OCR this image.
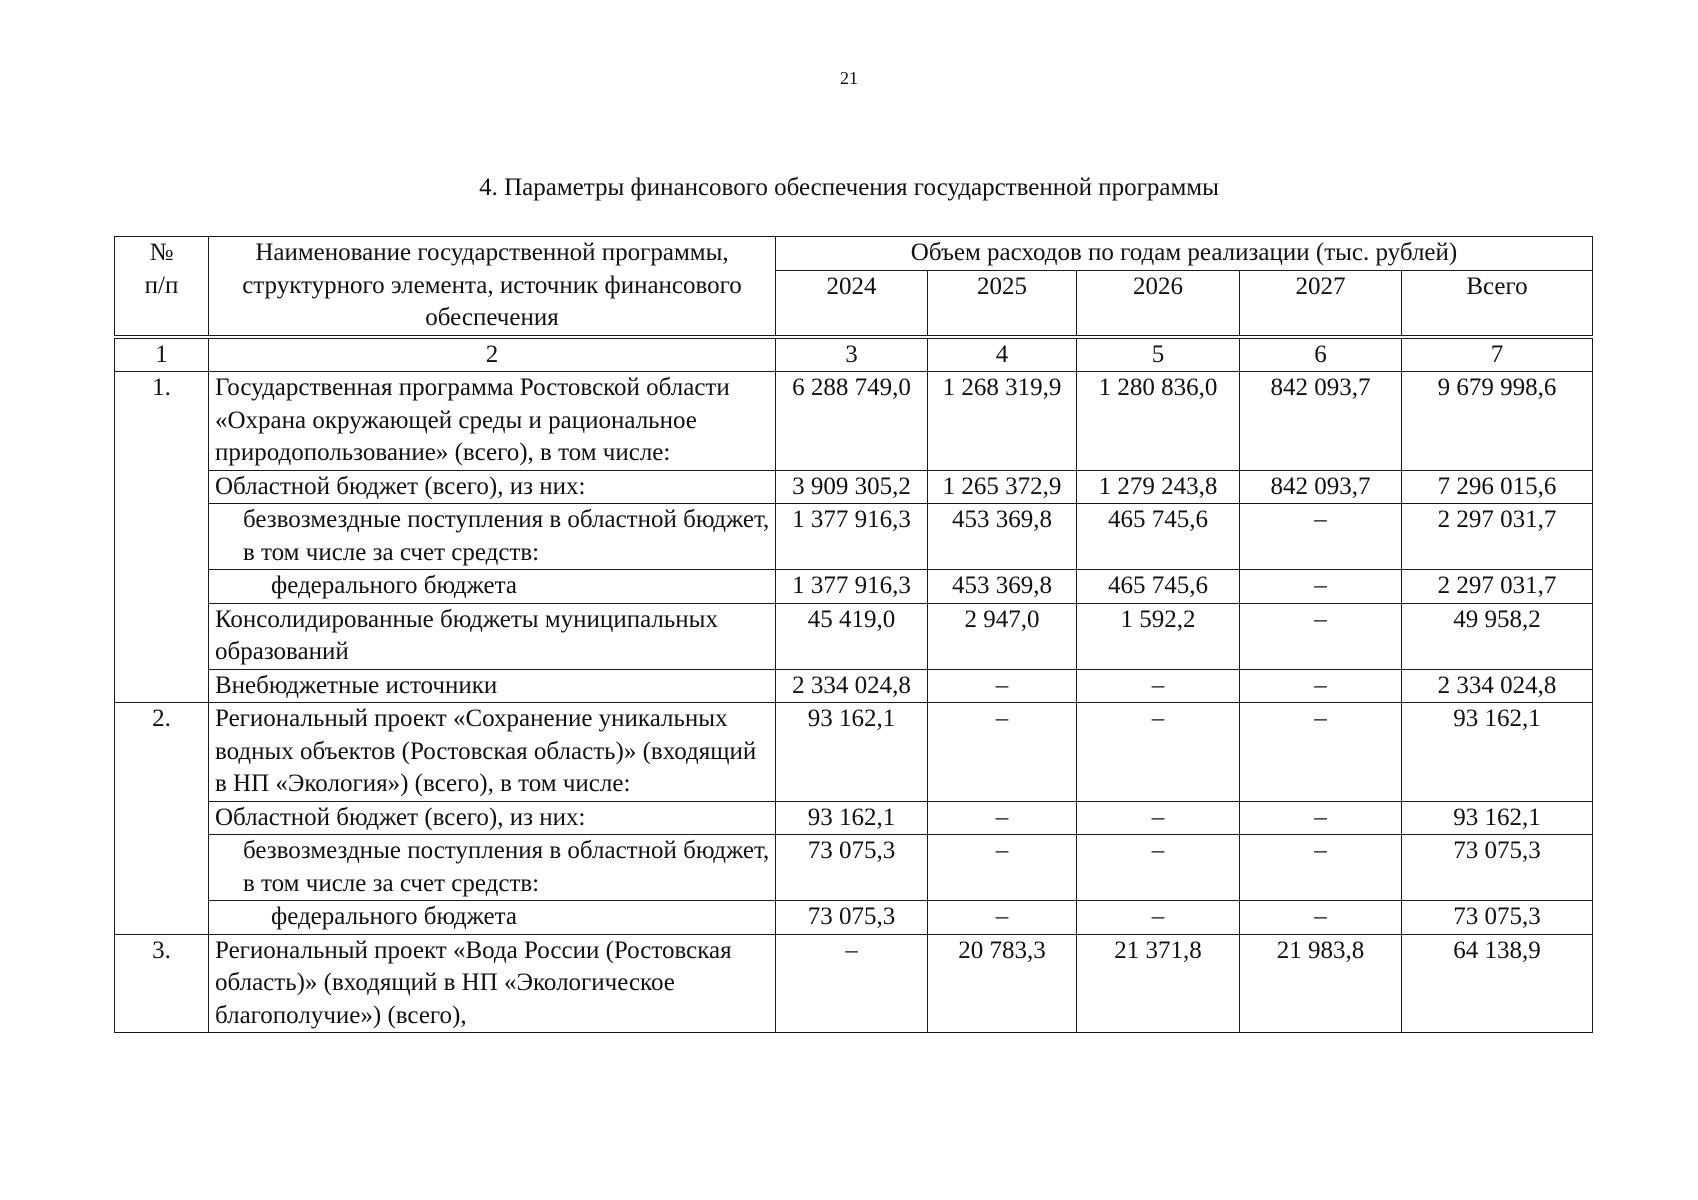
21
4. Параметры финансового обеспечения государственной программы
№ п/п	Наименование государственной программы, структурного элемента, источник финансового обеспечения	Объем расходов по годам реализации (тыс. рублей)				
		2024	2025	2026	2027	Всего
1	2	3	4	5	6	7
1.	Государственная программа Ростовской области «Охрана окружающей среды и рациональное природопользование» (всего), в том числе:	6 288 749,0	1 268 319,9	1 280 836,0	842 093,7	9 679 998,6
	Областной бюджет (всего), из них:	3 909 305,2	1 265 372,9	1 279 243,8	842 093,7	7 296 015,6
	безвозмездные поступления в областной бюджет, в том числе за счет средств:	1 377 916,3	453 369,8	465 745,6	–	2 297 031,7
	федерального бюджета	1 377 916,3	453 369,8	465 745,6	–	2 297 031,7
	Консолидированные бюджеты муниципальных образований	45 419,0	2 947,0	1 592,2	–	49 958,2
	Внебюджетные источники	2 334 024,8	–	–	–	2 334 024,8
2.	Региональный проект «Сохранение уникальных водных объектов (Ростовская область)» (входящий в НП «Экология») (всего), в том числе:	93 162,1	–	–	–	93 162,1
	Областной бюджет (всего), из них:	93 162,1	–	–	–	93 162,1
	безвозмездные поступления в областной бюджет, в том числе за счет средств:	73 075,3	–	–	–	73 075,3
	федерального бюджета	73 075,3	–	–	–	73 075,3
3.	Региональный проект «Вода России (Ростовская область)» (входящий в НП «Экологическое благополучие») (всего),	–	20 783,3	21 371,8	21 983,8	64 138,9
